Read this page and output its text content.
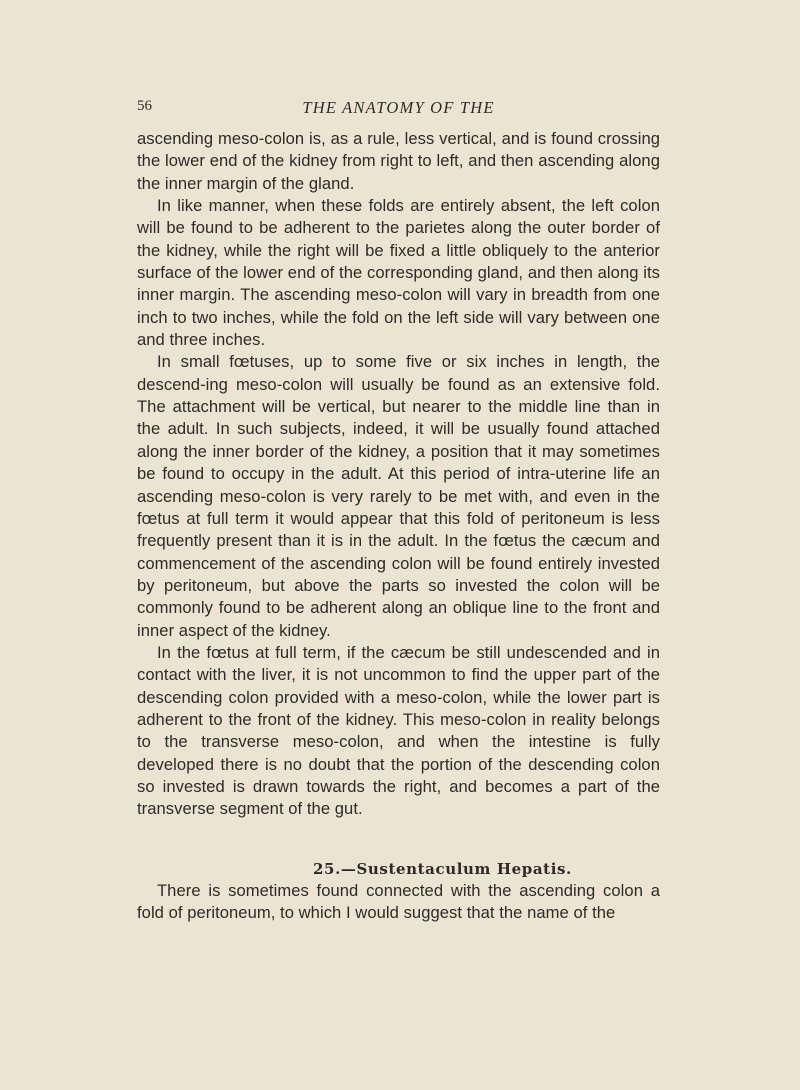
56	THE ANATOMY OF THE

ascending meso-colon is, as a rule, less vertical, and is found crossing the lower end of the kidney from right to left, and then ascending along the inner margin of the gland.

In like manner, when these folds are entirely absent, the left colon will be found to be adherent to the parietes along the outer border of the kidney, while the right will be fixed a little obliquely to the anterior surface of the lower end of the corresponding gland, and then along its inner margin. The ascending meso-colon will vary in breadth from one inch to two inches, while the fold on the left side will vary between one and three inches.

In small fœtuses, up to some five or six inches in length, the descend-ing meso-colon will usually be found as an extensive fold. The attachment will be vertical, but nearer to the middle line than in the adult. In such subjects, indeed, it will be usually found attached along the inner border of the kidney, a position that it may sometimes be found to occupy in the adult. At this period of intra-uterine life an ascending meso-colon is very rarely to be met with, and even in the fœtus at full term it would appear that this fold of peritoneum is less frequently present than it is in the adult. In the fœtus the cæcum and commencement of the ascending colon will be found entirely invested by peritoneum, but above the parts so invested the colon will be commonly found to be adherent along an oblique line to the front and inner aspect of the kidney.

In the fœtus at full term, if the cæcum be still undescended and in contact with the liver, it is not uncommon to find the upper part of the descending colon provided with a meso-colon, while the lower part is adherent to the front of the kidney. This meso-colon in reality belongs to the transverse meso-colon, and when the intestine is fully developed there is no doubt that the portion of the descending colon so invested is drawn towards the right, and becomes a part of the transverse segment of the gut.

25.—Sustentaculum Hepatis.

There is sometimes found connected with the ascending colon a fold of peritoneum, to which I would suggest that the name of the
